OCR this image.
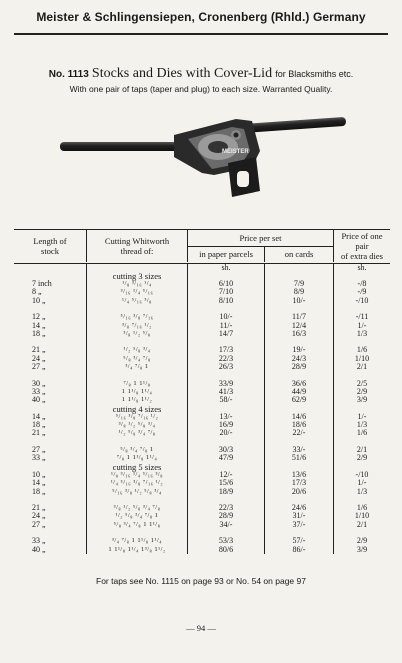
Meister & Schlingensiepen, Cronenberg (Rhld.) Germany
No. 1113 Stocks and Dies with Cover-Lid for Blacksmiths etc.
With one pair of taps (taper and plug) to each size. Warranted Quality.
MEISTER
Length of
stock	Cutting Whitworth
thread of:	Price per set		Price of one pair
of extra dies
		in paper parcels	on cards	

		sh.		sh.
	cutting 3 sizes			
7 inch	¹/₈ ³/₁₆ ¹/₄	6/10	7/9	-/8
8 „	³/₁₆ ¹/₄ ⁵/₁₆	7/10	8/9	-/9
10 „	¹/₄ ⁵/₁₆ ³/₈	8/10	10/-	-/10

12 „	⁵/₁₆ ³/₈ ⁷/₁₆	10/-	11/7	-/11
14 „	³/₈ ⁷/₁₆ ¹/₂	11/-	12/4	1/-
18 „	³/₈ ¹/₂ ⁵/₈	14/7	16/3	1/3

21 „	¹/₂ ⁵/₈ ³/₄	17/3	19/-	1/6
24 „	⁵/₈ ³/₄ ⁷/₈	22/3	24/3	1/10
27 „	³/₄ ⁷/₈ 1	26/3	28/9	2/1

30 „	⁷/₈ 1 1¹/₈	33/9	36/6	2/5
33 „	1 1¹/₈ 1¹/₄	41/3	44/9	2/9
40 „	1 1¹/₈ 1¹/₂	58/-	62/9	3/9
	cutting 4 sizes			
14 „	⁵/₁₆ ³/₈ ⁷/₁₆ ¹/₂	13/-	14/6	1/-
18 „	³/₈ ¹/₂ ⁵/₈ ³/₄	16/9	18/6	1/3
21 „	¹/₂ ⁵/₈ ³/₄ ⁷/₈	20/-	22/-	1/6

27 „	⁵/₈ ³/₄ ⁷/₈ 1	30/3	33/-	2/1
33 „	⁷/₈ 1 1¹/₈ 1¹/₄	47/9	51/6	2/9
	cutting 5 sizes			
10 „	¹/₈ ³/₁₆ ¹/₄ ⁵/₁₆ ³/₈	12/-	13/6	-/10
14 „	¹/₄ ⁵/₁₆ ³/₈ ⁷/₁₆ ¹/₂	15/6	17/3	1/-
18 „	⁵/₁₆ ³/₈ ¹/₂ ⁵/₈ ³/₄	18/9	20/6	1/3

21 „	³/₈ ¹/₂ ⁵/₈ ³/₄ ⁷/₈	22/3	24/6	1/6
24 „	¹/₂ ⁵/₈ ³/₄ ⁷/₈ 1	28/9	31/-	1/10
27 „	⁵/₈ ³/₄ ⁷/₈ 1 1¹/₈	34/-	37/-	2/1

33 „	³/₄ ⁷/₈ 1 1¹/₈ 1¹/₄	53/3	57/-	2/9
40 „	1 1¹/₈ 1¹/₄ 1³/₈ 1¹/₂	80/6	86/-	3/9
For taps see No. 1115 on page 93 or No. 54 on page 97
— 94 —
